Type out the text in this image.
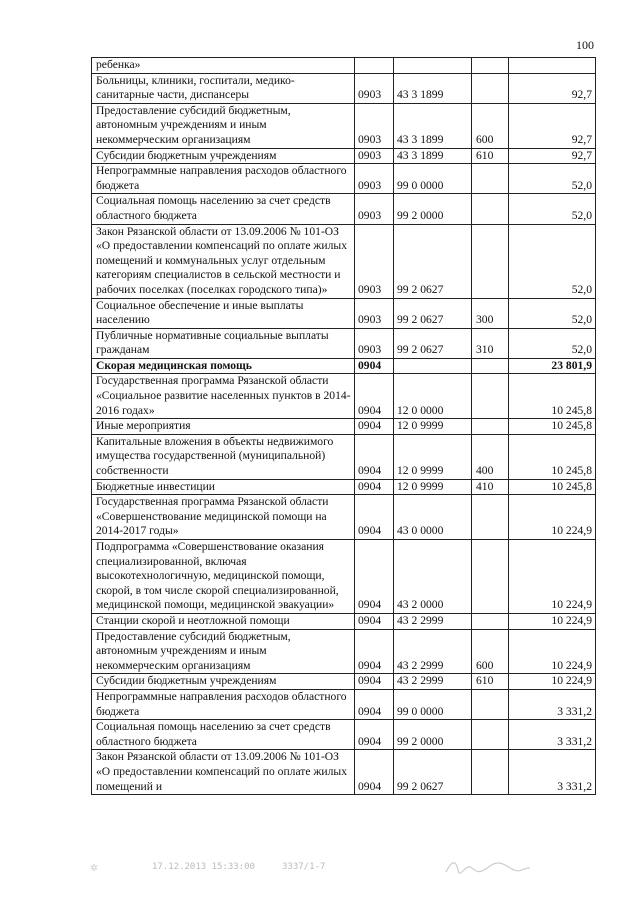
100
ребенка»				
Больницы, клиники, госпитали, медико-санитарные части, диспансеры	0903	43 3 1899		92,7
Предоставление субсидий бюджетным, автономным учреждениям и иным некоммерческим организациям	0903	43 3 1899	600	92,7
Субсидии бюджетным учреждениям	0903	43 3 1899	610	92,7
Непрограммные направления расходов областного бюджета	0903	99 0 0000		52,0
Социальная помощь населению за счет средств областного бюджета	0903	99 2 0000		52,0
Закон Рязанской области от 13.09.2006 № 101-ОЗ «О предоставлении компенсаций по оплате жилых помещений и коммунальных услуг отдельным категориям специалистов в сельской местности и рабочих поселках (поселках городского типа)»	0903	99 2 0627		52,0
Социальное обеспечение и иные выплаты населению	0903	99 2 0627	300	52,0
Публичные нормативные социальные выплаты гражданам	0903	99 2 0627	310	52,0
Скорая медицинская помощь	0904			23 801,9
Государственная программа Рязанской области «Социальное развитие населенных пунктов в 2014-2016 годах»	0904	12 0 0000		10 245,8
Иные мероприятия	0904	12 0 9999		10 245,8
Капитальные вложения в объекты недвижимого имущества государственной (муниципальной) собственности	0904	12 0 9999	400	10 245,8
Бюджетные инвестиции	0904	12 0 9999	410	10 245,8
Государственная программа Рязанской области «Совершенствование медицинской помощи на 2014-2017 годы»	0904	43 0 0000		10 224,9
Подпрограмма «Совершенствование оказания специализированной, включая высокотехнологичную, медицинской помощи, скорой, в том числе скорой специализированной, медицинской помощи, медицинской эвакуации»	0904	43 2 0000		10 224,9
Станции скорой и неотложной помощи	0904	43 2 2999		10 224,9
Предоставление субсидий бюджетным, автономным учреждениям и иным некоммерческим организациям	0904	43 2 2999	600	10 224,9
Субсидии бюджетным учреждениям	0904	43 2 2999	610	10 224,9
Непрограммные направления расходов областного бюджета	0904	99 0 0000		3 331,2
Социальная помощь населению за счет средств областного бюджета	0904	99 2 0000		3 331,2
Закон Рязанской области от 13.09.2006 № 101-ОЗ «О предоставлении компенсаций по оплате жилых помещений и	0904	99 2 0627		3 331,2
✲	17.12.2013 15:33:00	3337/1-7
